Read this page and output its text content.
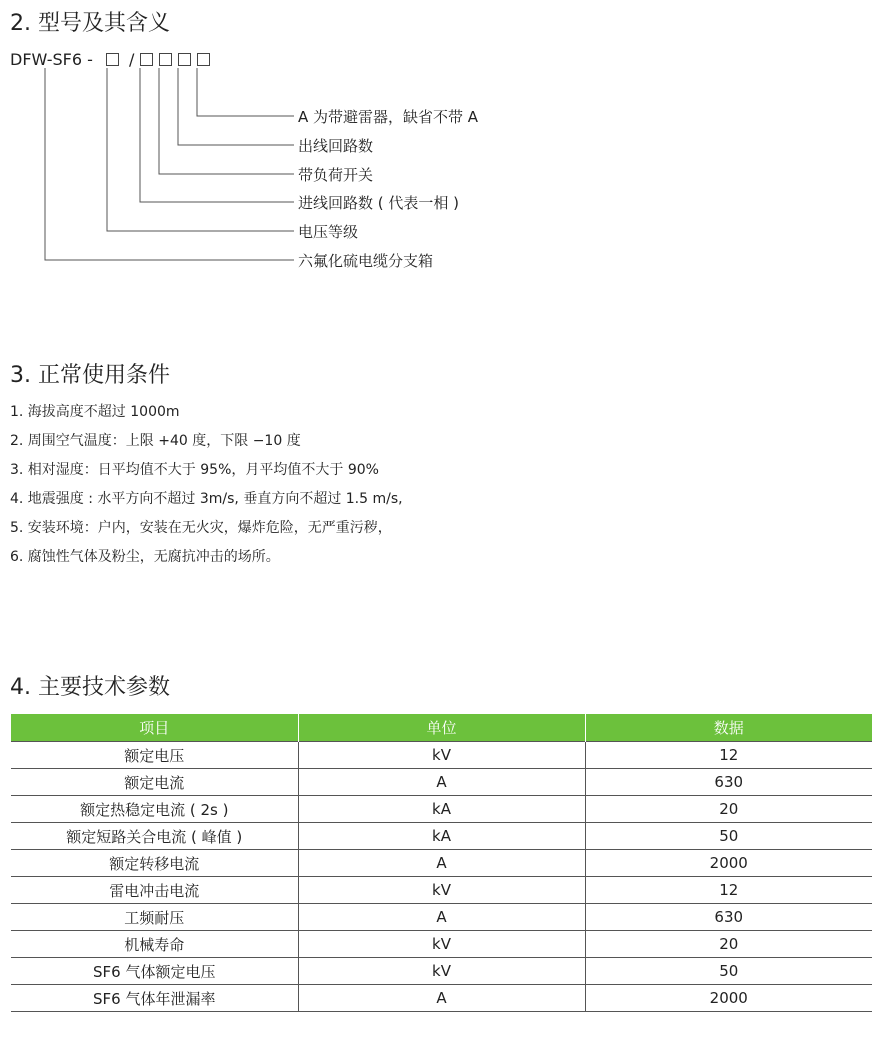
2. 型号及其含义
DFW-SF6 - /
A 为带避雷器，缺省不带 A
出线回路数
带负荷开关
进线回路数 ( 代表一相 )
电压等级
六氟化硫电缆分支箱
3. 正常使用条件
1. 海拔高度不超过 1000m
2. 周围空气温度：上限 +40 度，下限 −10 度
3. 相对湿度：日平均值不大于 95%，月平均值不大于 90%
4. 地震强度 : 水平方向不超过 3m/s, 垂直方向不超过 1.5 m/s,
5. 安装环境：户内，安装在无火灾，爆炸危险，无严重污秽，
6. 腐蚀性气体及粉尘，无腐抗冲击的场所。
4. 主要技术参数
项目	单位	数据
额定电压	kV	12
额定电流	A	630
额定热稳定电流 ( 2s )	kA	20
额定短路关合电流 ( 峰值 )	kA	50
额定转移电流	A	2000
雷电冲击电流	kV	12
工频耐压	A	630
机械寿命	kV	20
SF6 气体额定电压	kV	50
SF6 气体年泄漏率	A	2000
